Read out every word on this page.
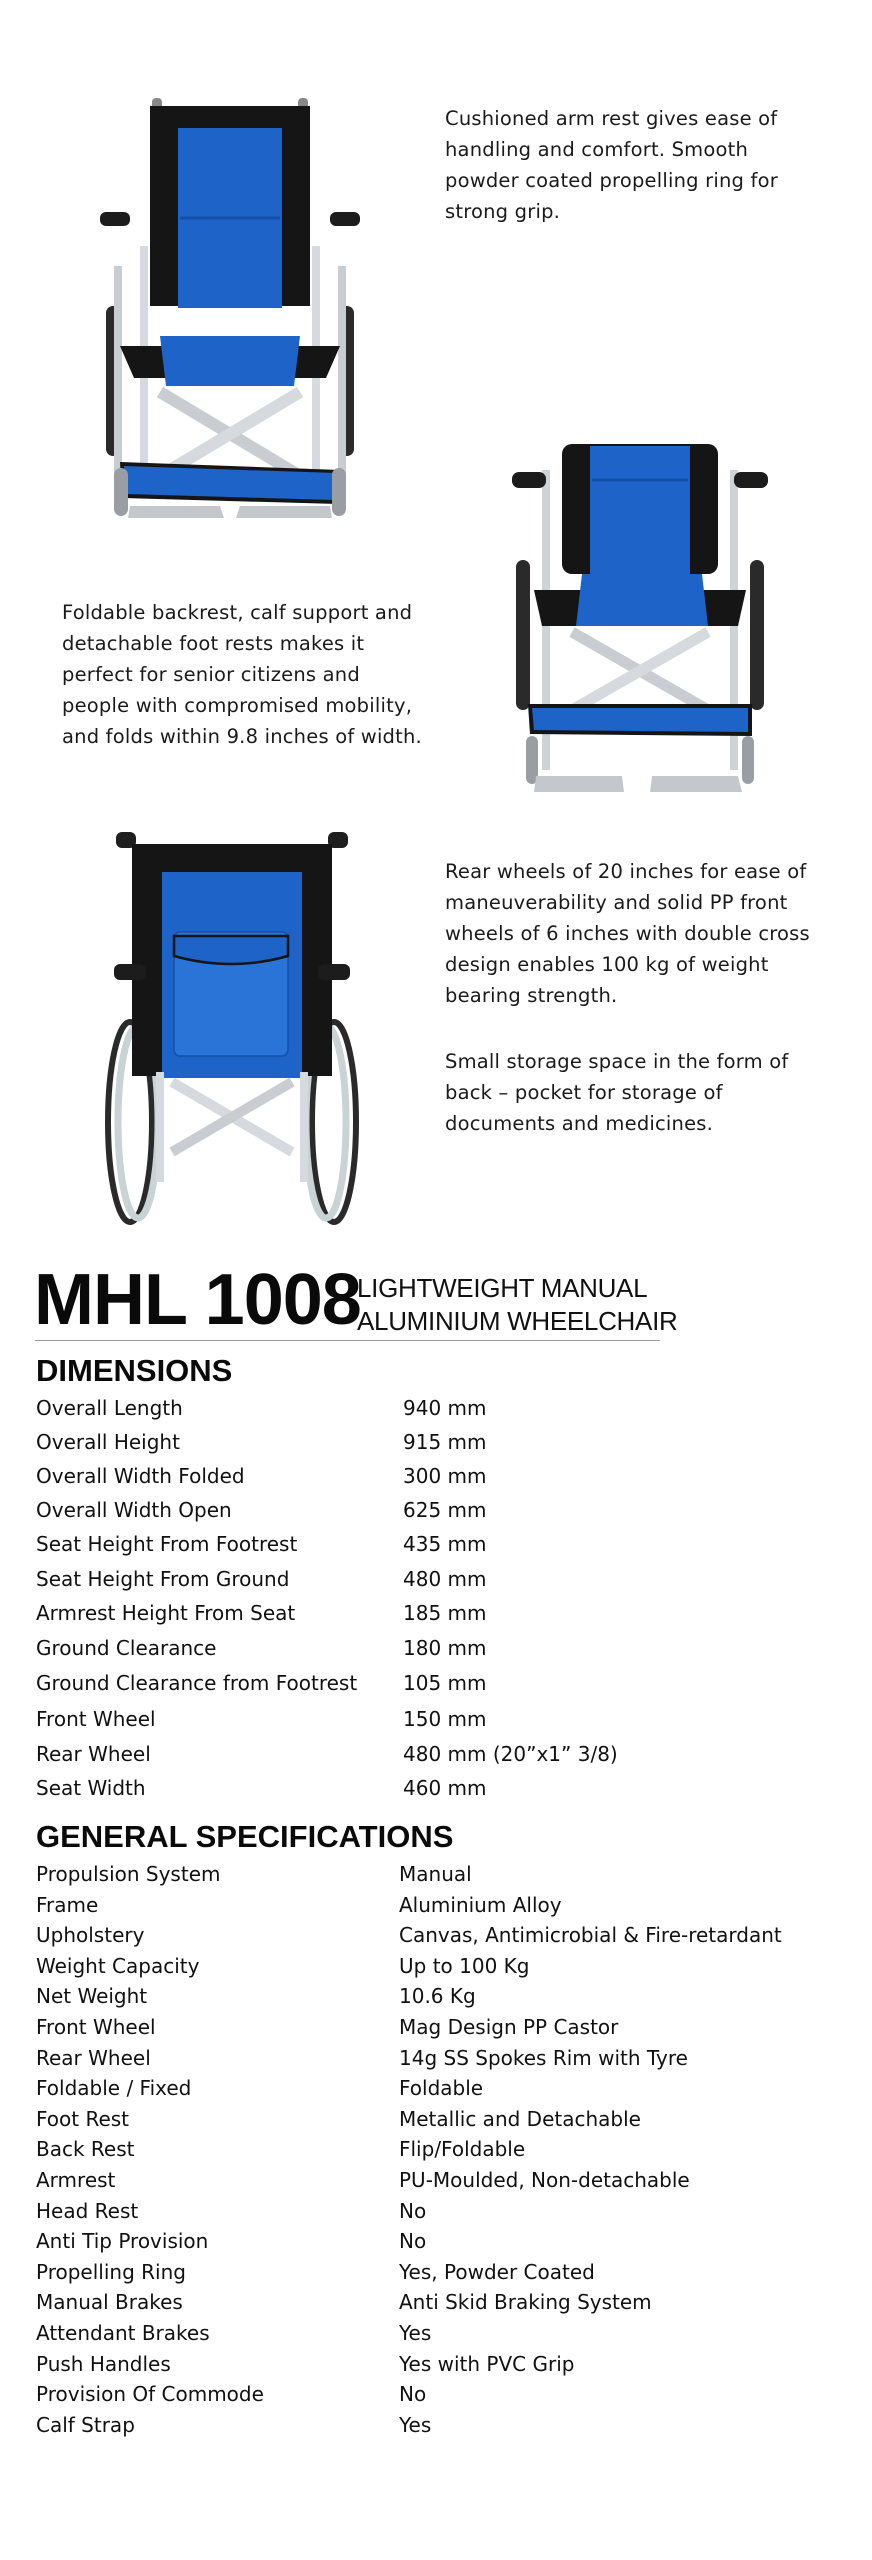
Cushioned arm rest gives ease of
handling and comfort. Smooth
powder coated propelling ring for
strong grip.
Foldable backrest, calf support and
detachable foot rests makes it
perfect for senior citizens and
people with compromised mobility,
and folds within 9.8 inches of width.
Rear wheels of 20 inches for ease of
maneuverability and solid PP front
wheels of 6 inches with double cross
design enables 100 kg of weight
bearing strength.
Small storage space in the form of
back – pocket for storage of
documents and medicines.
MHL 1008
LIGHTWEIGHT MANUAL
ALUMINIUM WHEELCHAIR
DIMENSIONS
Overall Length	940 mm
Overall Height	915 mm
Overall Width Folded	300 mm
Overall Width Open	625 mm
Seat Height From Footrest	435 mm
Seat Height From Ground	480 mm
Armrest Height From Seat	185 mm
Ground Clearance	180 mm
Ground Clearance from Footrest 105 mm
Front Wheel	150 mm
Rear Wheel	480 mm (20”x1” 3/8)
Seat Width	460 mm
GENERAL SPECIFICATIONS
Propulsion System	Manual
Frame	Aluminium Alloy
Upholstery	Canvas, Antimicrobial & Fire-retardant
Weight Capacity	Up to 100 Kg
Net Weight	10.6 Kg
Front Wheel	Mag Design PP Castor
Rear Wheel	14g SS Spokes Rim with Tyre
Foldable / Fixed	Foldable
Foot Rest	Metallic and Detachable
Back Rest	Flip/Foldable
Armrest	PU-Moulded, Non-detachable
Head Rest	No
Anti Tip Provision	No
Propelling Ring	Yes, Powder Coated
Manual Brakes	Anti Skid Braking System
Attendant Brakes	Yes
Push Handles	Yes with PVC Grip
Provision Of Commode	No
Calf Strap	Yes
